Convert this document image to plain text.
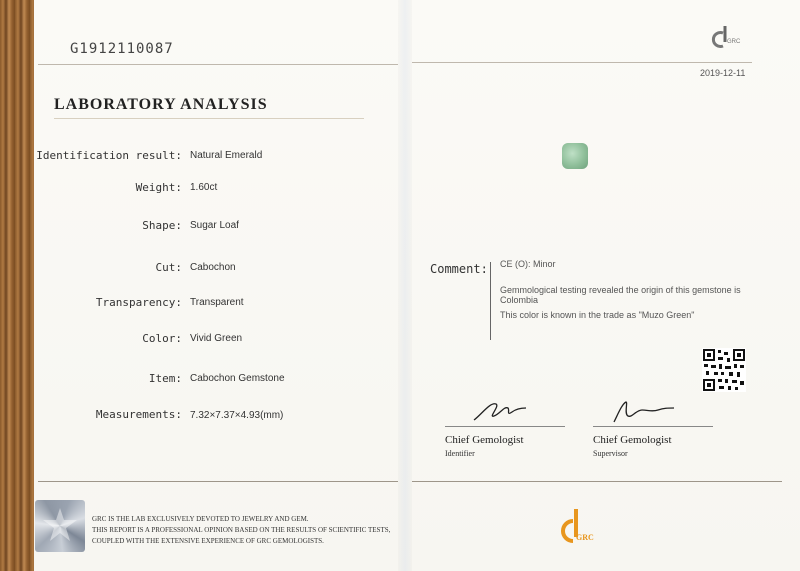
G1912110087
LABORATORY ANALYSIS
Identification result: Natural Emerald
Weight: 1.60ct
Shape: Sugar Loaf
Cut: Cabochon
Transparency: Transparent
Color: Vivid Green
Item: Cabochon Gemstone
Measurements: 7.32×7.37×4.93(mm)
GRC IS THE LAB EXCLUSIVELY DEVOTED TO JEWELRY AND GEM.
THIS REPORT IS A PROFESSIONAL OPINION BASED ON THE RESULTS OF SCIENTIFIC TESTS,
COUPLED WITH THE EXTENSIVE EXPERIENCE OF GRC GEMOLOGISTS.
GRC
2019-12-11
Comment: CE (O): Minor
Gemmological testing revealed the origin of this gemstone is
Colombia
This color is known in the trade as "Muzo Green"
Chief Gemologist
Identifier
Chief Gemologist
Supervisor
GRC
